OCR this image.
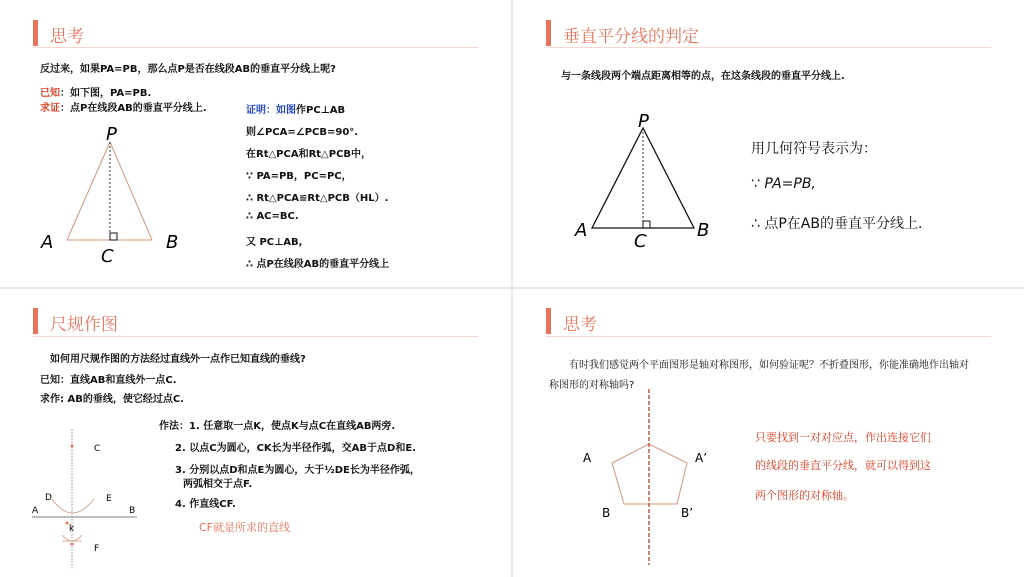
思考
反过来，如果PA=PB，那么点P是否在线段AB的垂直平分线上呢?
已知：如下图，PA=PB.
求证：点P在线段AB的垂直平分线上.	证明：如图作PC⊥AB
则∠PCA=∠PCB=90°.
在Rt△PCA和Rt△PCB中，
∵ PA=PB，PC=PC，
∴ Rt△PCA≌Rt△PCB（HL）.
∴ AC=BC.
又 PC⊥AB,
∴ 点P在线段AB的垂直平分线上
P
A	B
C
垂直平分线的判定
与一条线段两个端点距离相等的点，在这条线段的垂直平分线上.
用几何符号表示为：
∵ PA=PB,
∴ 点P在AB的垂直平分线上.
P
A	B
C
尺规作图
如何用尺规作图的方法经过直线外一点作已知直线的垂线?
已知：直线AB和直线外一点C.
求作: AB的垂线，使它经过点C.
作法：1. 任意取一点K，使点K与点C在直线AB两旁.
2. 以点C为圆心，CK长为半径作弧，交AB于点D和E.
3. 分别以点D和点E为圆心，大于½DE长为半径作弧，
两弧相交于点F.
4. 作直线CF.
CF就是所求的直线
C
D	E
A	B
k
F
思考
有时我们感觉两个平面图形是轴对称图形，如何验证呢？不折叠图形，你能准确地作出轴对
称图形的对称轴吗?
只要找到一对对应点，作出连接它们
的线段的垂直平分线，就可以得到这
两个图形的对称轴。
A	A’
B	B’
